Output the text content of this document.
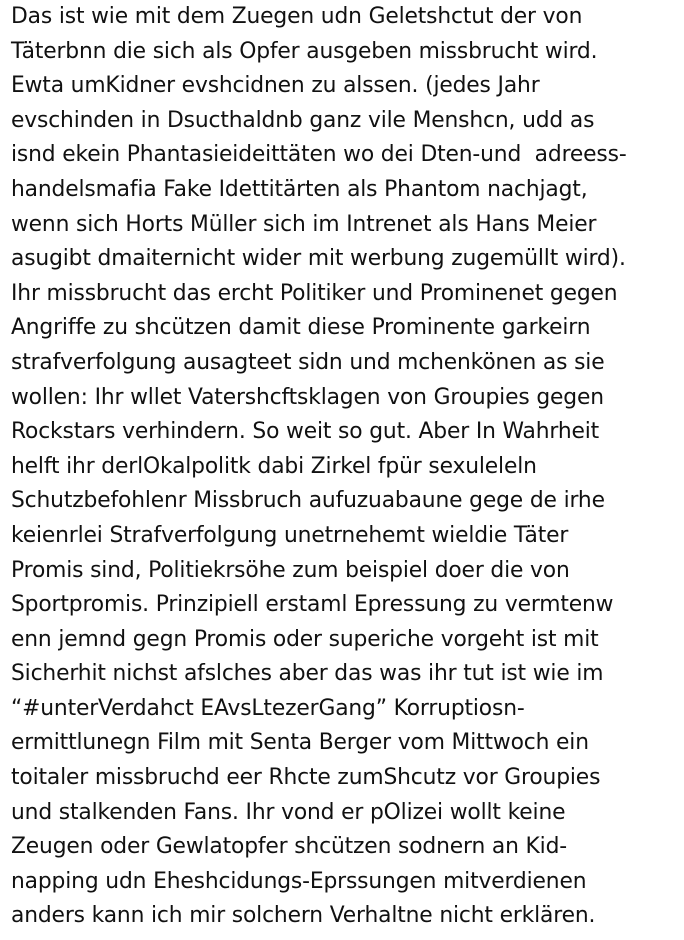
Das ist wie mit dem Zuegen udn Geletshctut der von
Täterbnn die sich als Opfer ausgeben missbrucht wird.
Ewta umKidner evshcidnen zu alssen. (jedes Jahr
evschinden in Dsucthaldnb ganz vile Menshcn, udd as
isnd ekein Phantasieideittäten wo dei Dten-und  adreess-
handelsmafia Fake Idettitärten als Phantom nachjagt,
wenn sich Horts Müller sich im Intrenet als Hans Meier
asugibt dmaiternicht wider mit werbung zugemüllt wird).
Ihr missbrucht das ercht Politiker und Prominenet gegen
Angriffe zu shcützen damit diese Prominente garkeirn
strafverfolgung ausagteet sidn und mchenkönen as sie
wollen: Ihr wllet Vatershcftsklagen von Groupies gegen
Rockstars verhindern. So weit so gut. Aber In Wahrheit
helft ihr derlOkalpolitk dabi Zirkel fpür sexuleleln
Schutzbefohlenr Missbruch aufuzuabaune gege de irhe
keienrlei Strafverfolgung unetrnehemt wieldie Täter
Promis sind, Politiekrsöhe zum beispiel doer die von
Sportpromis. Prinzipiell erstaml Epressung zu vermtenw
enn jemnd gegn Promis oder superiche vorgeht ist mit
Sicherhit nichst afslches aber das was ihr tut ist wie im
“#unterVerdahct EAvsLtezerGang” Korruptiosn-
ermittlunegn Film mit Senta Berger vom Mittwoch ein
toitaler missbruchd eer Rhcte zumShcutz vor Groupies
und stalkenden Fans. Ihr vond er pOlizei wollt keine
Zeugen oder Gewlatopfer shcützen sodnern an Kid-
napping udn Eheshcidungs-Eprssungen mitverdienen
anders kann ich mir solchern Verhaltne nicht erklären.
